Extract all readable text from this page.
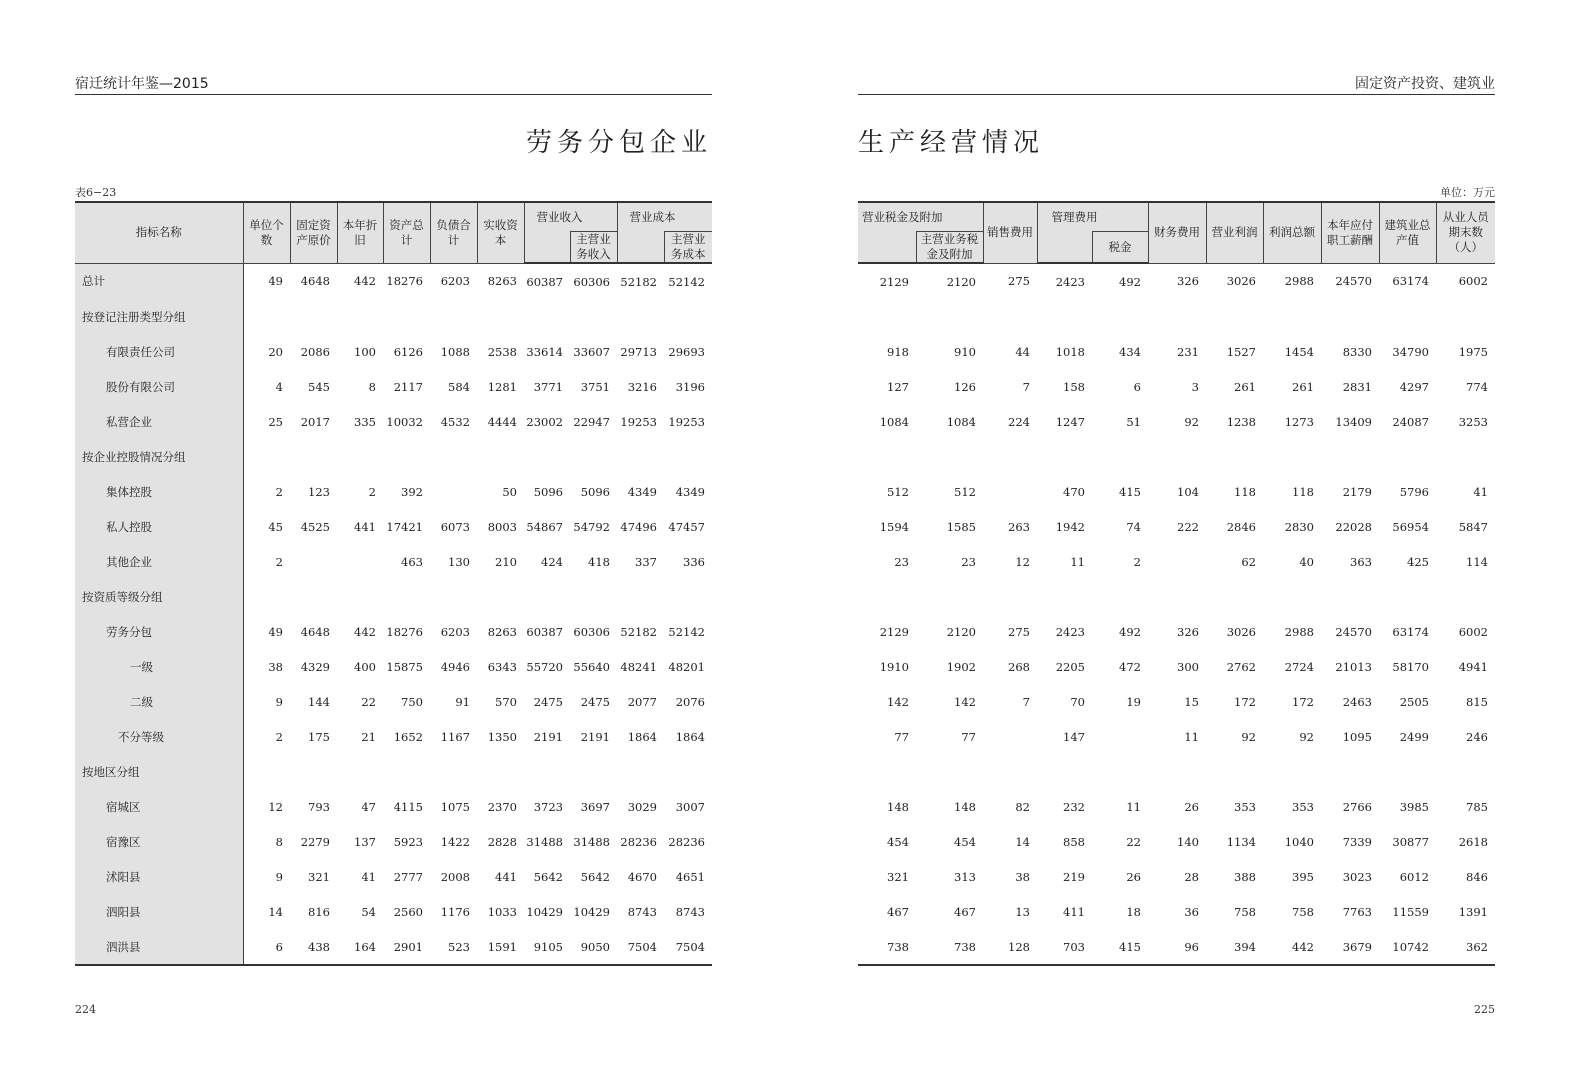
宿迁统计年鉴—2015
劳务分包企业
表6−23
指标名称	单位个数	固定资产原价	本年折旧	资产总计	负债合计	实收资本	营业收入		营业成本	
								主营业务收入		主营业务成本
总计	49	4648	442	18276	6203	8263	60387	60306	52182	52142
按登记注册类型分组										
有限责任公司	20	2086	100	6126	1088	2538	33614	33607	29713	29693
股份有限公司	4	545	8	2117	584	1281	3771	3751	3216	3196
私营企业	25	2017	335	10032	4532	4444	23002	22947	19253	19253
按企业控股情况分组										
集体控股	2	123	2	392		50	5096	5096	4349	4349
私人控股	45	4525	441	17421	6073	8003	54867	54792	47496	47457
其他企业	2			463	130	210	424	418	337	336
按资质等级分组										
劳务分包	49	4648	442	18276	6203	8263	60387	60306	52182	52142
一级	38	4329	400	15875	4946	6343	55720	55640	48241	48201
二级	9	144	22	750	91	570	2475	2475	2077	2076
不分等级	2	175	21	1652	1167	1350	2191	2191	1864	1864
按地区分组										
宿城区	12	793	47	4115	1075	2370	3723	3697	3029	3007
宿豫区	8	2279	137	5923	1422	2828	31488	31488	28236	28236
沭阳县	9	321	41	2777	2008	441	5642	5642	4670	4651
泗阳县	14	816	54	2560	1176	1033	10429	10429	8743	8743
泗洪县	6	438	164	2901	523	1591	9105	9050	7504	7504
224
固定资产投资、建筑业
生产经营情况
单位：万元
营业税金及附加		销售费用	管理费用		财务费用	营业利润	利润总额	本年应付职工薪酬	建筑业总产值	从业人员期末数（人）
	主营业务税金及附加			税金						
2129	2120	275	2423	492	326	3026	2988	24570	63174	6002

918	910	44	1018	434	231	1527	1454	8330	34790	1975
127	126	7	158	6	3	261	261	2831	4297	774
1084	1084	224	1247	51	92	1238	1273	13409	24087	3253

512	512		470	415	104	118	118	2179	5796	41
1594	1585	263	1942	74	222	2846	2830	22028	56954	5847
23	23	12	11	2		62	40	363	425	114

2129	2120	275	2423	492	326	3026	2988	24570	63174	6002
1910	1902	268	2205	472	300	2762	2724	21013	58170	4941
142	142	7	70	19	15	172	172	2463	2505	815
77	77		147		11	92	92	1095	2499	246

148	148	82	232	11	26	353	353	2766	3985	785
454	454	14	858	22	140	1134	1040	7339	30877	2618
321	313	38	219	26	28	388	395	3023	6012	846
467	467	13	411	18	36	758	758	7763	11559	1391
738	738	128	703	415	96	394	442	3679	10742	362
225
